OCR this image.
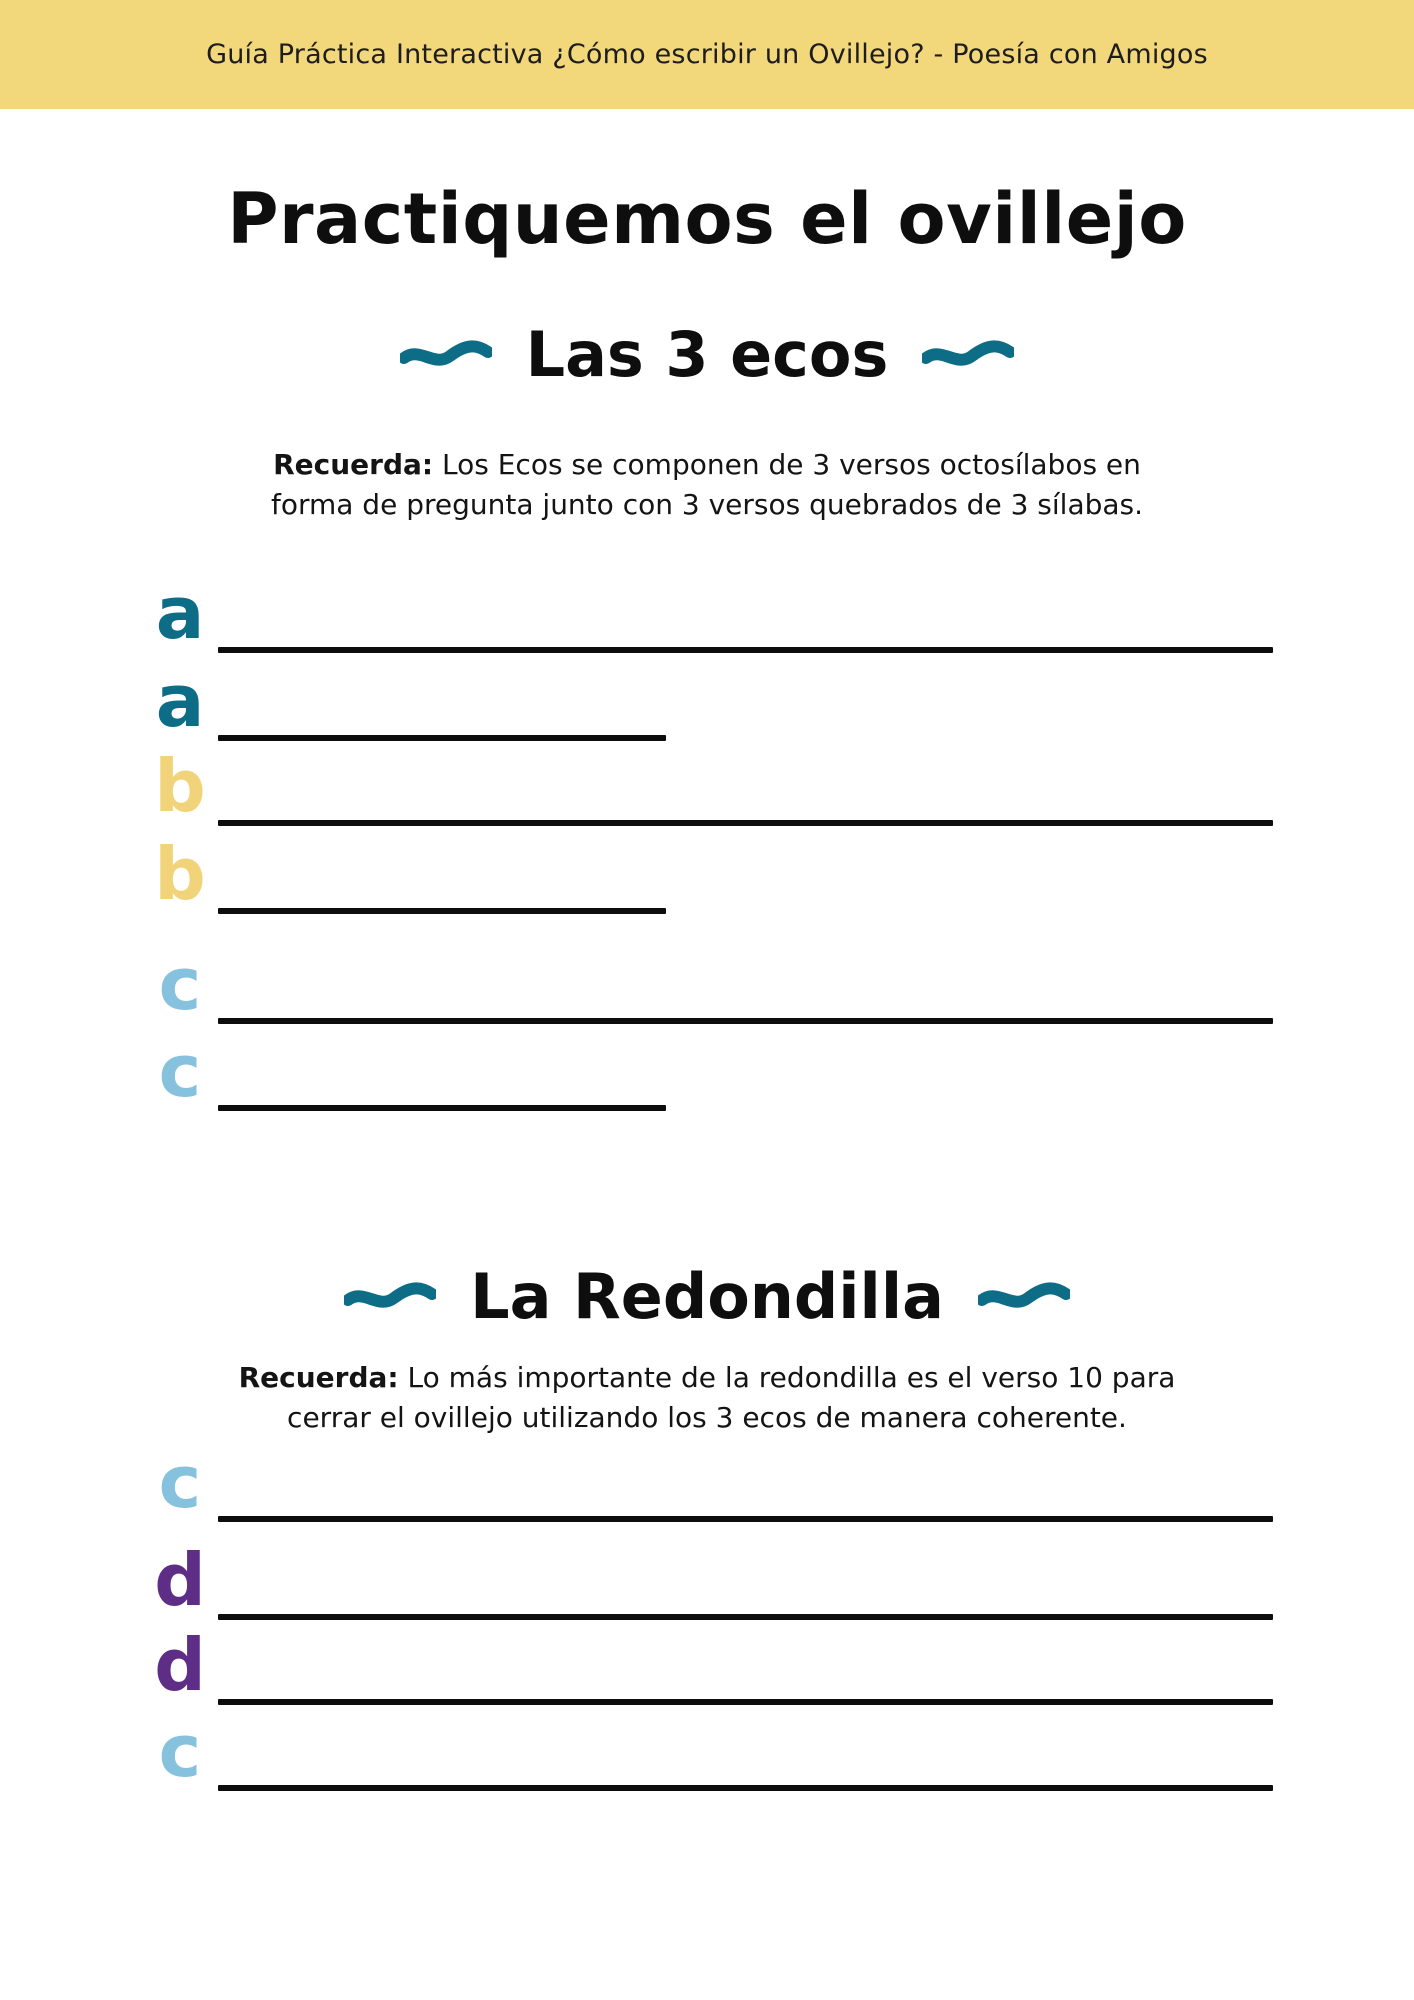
Guía Práctica Interactiva ¿Cómo escribir un Ovillejo? - Poesía con Amigos
Practiquemos el ovillejo
Las 3 ecos
Recuerda: Los Ecos se componen de 3 versos octosílabos en
forma de pregunta junto con 3 versos quebrados de 3 sílabas.
a
a
b
b
c
c
La Redondilla
Recuerda: Lo más importante de la redondilla es el verso 10 para
cerrar el ovillejo utilizando los 3 ecos de manera coherente.
c
d
d
c
